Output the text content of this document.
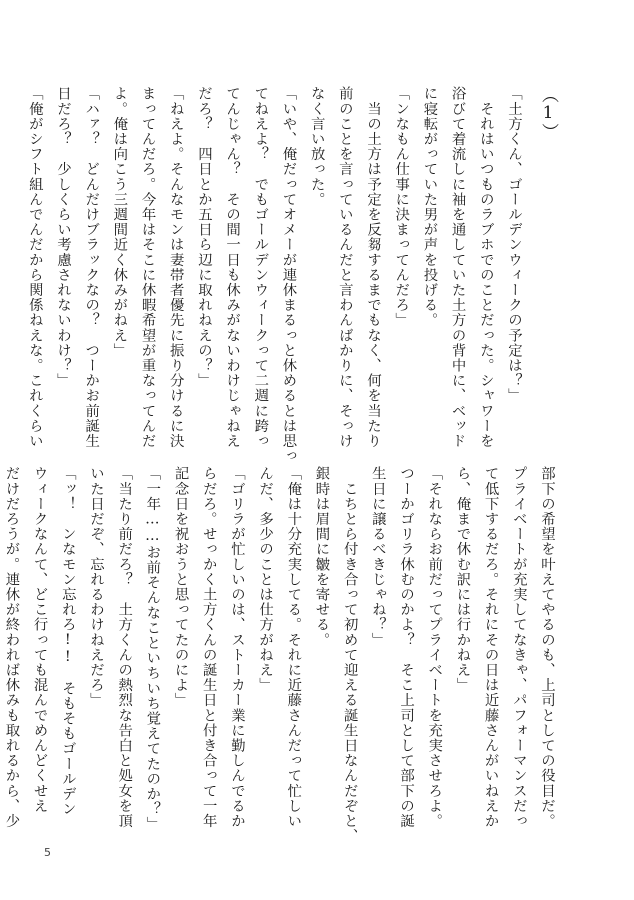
（1）
「土方くん、ゴールデンウィークの予定は？」
　それはいつものラブホでのことだった。シャワーを
浴びて着流しに袖を通していた土方の背中に、ベッド
に寝転がっていた男が声を投げる。
「ンなもん仕事に決まってんだろ」
　当の土方は予定を反芻するまでもなく、何を当たり
前のことを言っているんだと言わんばかりに、そっけ
なく言い放った。
「いや、俺だってオメーが連休まるっと休めるとは思っ
てねえよ？　でもゴールデンウィークって二週に跨っ
てんじゃん？　その間一日も休みがないわけじゃねえ
だろ？　四日とか五日ら辺に取れねえの？」
「ねえよ。そんなモンは妻帯者優先に振り分けるに決
まってんだろ。今年はそこに休暇希望が重なってんだ
よ。俺は向こう三週間近く休みがねえ」
「ハァ？　どんだけブラックなの？　つーかお前誕生
日だろ？　少しくらい考慮されないわけ？」
「俺がシフト組んでんだから関係ねえな。これくらい
部下の希望を叶えてやるのも、上司としての役目だ。
プライベートが充実してなきゃ、パフォーマンスだっ
て低下するだろ。それにその日は近藤さんがいねえか
ら、俺まで休む訳には行かねえ」
「それならお前だってプライベートを充実させろよ。
つーかゴリラ休むのかよ？　そこ上司として部下の誕
生日に譲るべきじゃね？」
　こちとら付き合って初めて迎える誕生日なんだぞと、
銀時は眉間に皺を寄せる。
「俺は十分充実してる。それに近藤さんだって忙しい
んだ、多少のことは仕方がねえ」
「ゴリラが忙しいのは、ストーカー業に勤しんでるか
らだろ。せっかく土方くんの誕生日と付き合って一年
記念日を祝おうと思ってたのによ」
「一年……お前そんなこといちいち覚えてたのか？」
「当たり前だろ？　土方くんの熱烈な告白と処女を頂
いた日だぞ、忘れるわけねえだろ」
「ッ！　ンなモン忘れろ!!　そもそもゴールデン
ウィークなんて、どこ行っても混んでめんどくせえ
だけだろうが。連休が終われば休みも取れるから、少
5
